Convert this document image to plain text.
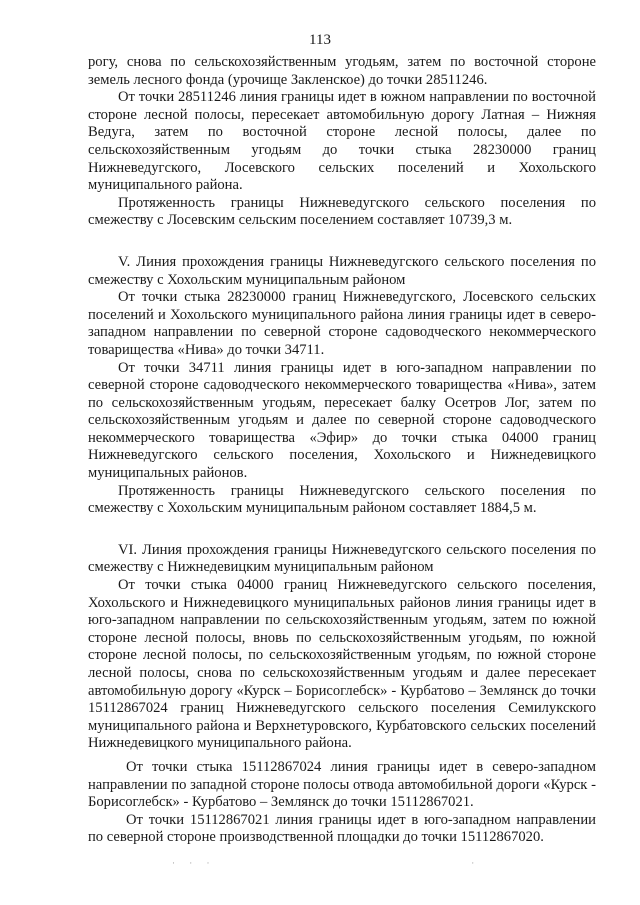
113

рогу, снова по сельскохозяйственным угодьям, затем по восточной стороне земель лесного фонда (урочище Закленское) до точки 28511246.

От точки 28511246 линия границы идет в южном направлении по восточной стороне лесной полосы, пересекает автомобильную дорогу Латная – Нижняя Ведуга, затем по восточной стороне лесной полосы, далее по сельскохозяйственным угодьям до точки стыка 28230000 границ Нижневедугского, Лосевского сельских поселений и Хохольского муниципального района.

Протяженность границы Нижневедугского сельского поселения по смежеству с Лосевским сельским поселением составляет 10739,3 м.

V. Линия прохождения границы Нижневедугского сельского поселения по смежеству с Хохольским муниципальным районом

От точки стыка 28230000 границ Нижневедугского, Лосевского сельских поселений и Хохольского муниципального района линия границы идет в северо-западном направлении по северной стороне садоводческого некоммерческого товарищества «Нива» до точки 34711.

От точки 34711 линия границы идет в юго-западном направлении по северной стороне садоводческого некоммерческого товарищества «Нива», затем по сельскохозяйственным угодьям, пересекает балку Осетров Лог, затем по сельскохозяйственным угодьям и далее по северной стороне садоводческого некоммерческого товарищества «Эфир» до точки стыка 04000 границ Нижневедугского сельского поселения, Хохольского и Нижнедевицкого муниципальных районов.

Протяженность границы Нижневедугского сельского поселения по смежеству с Хохольским муниципальным районом составляет 1884,5 м.

VI. Линия прохождения границы Нижневедугского сельского поселения по смежеству с Нижнедевицким муниципальным районом

От точки стыка 04000 границ Нижневедугского сельского поселения, Хохольского и Нижнедевицкого муниципальных районов линия границы идет в юго-западном направлении по сельскохозяйственным угодьям, затем по южной стороне лесной полосы, вновь по сельскохозяйственным угодьям, по южной стороне лесной полосы, по сельскохозяйственным угодьям, по южной стороне лесной полосы, снова по сельскохозяйственным угодьям и далее пересекает автомобильную дорогу «Курск – Борисоглебск» - Курбатово – Землянск до точки 15112867024 границ Нижневедугского сельского поселения Семилукского муниципального района и Верхнетуровского, Курбатовского сельских поселений Нижнедевицкого муниципального района.

От точки стыка 15112867024 линия границы идет в северо-западном направлении по западной стороне полосы отвода автомобильной дороги «Курск - Борисоглебск» - Курбатово – Землянск до точки 15112867021.

От точки 15112867021 линия границы идет в юго-западном направлении по северной стороне производственной площадки до точки 15112867020.

· · ·                               ·
